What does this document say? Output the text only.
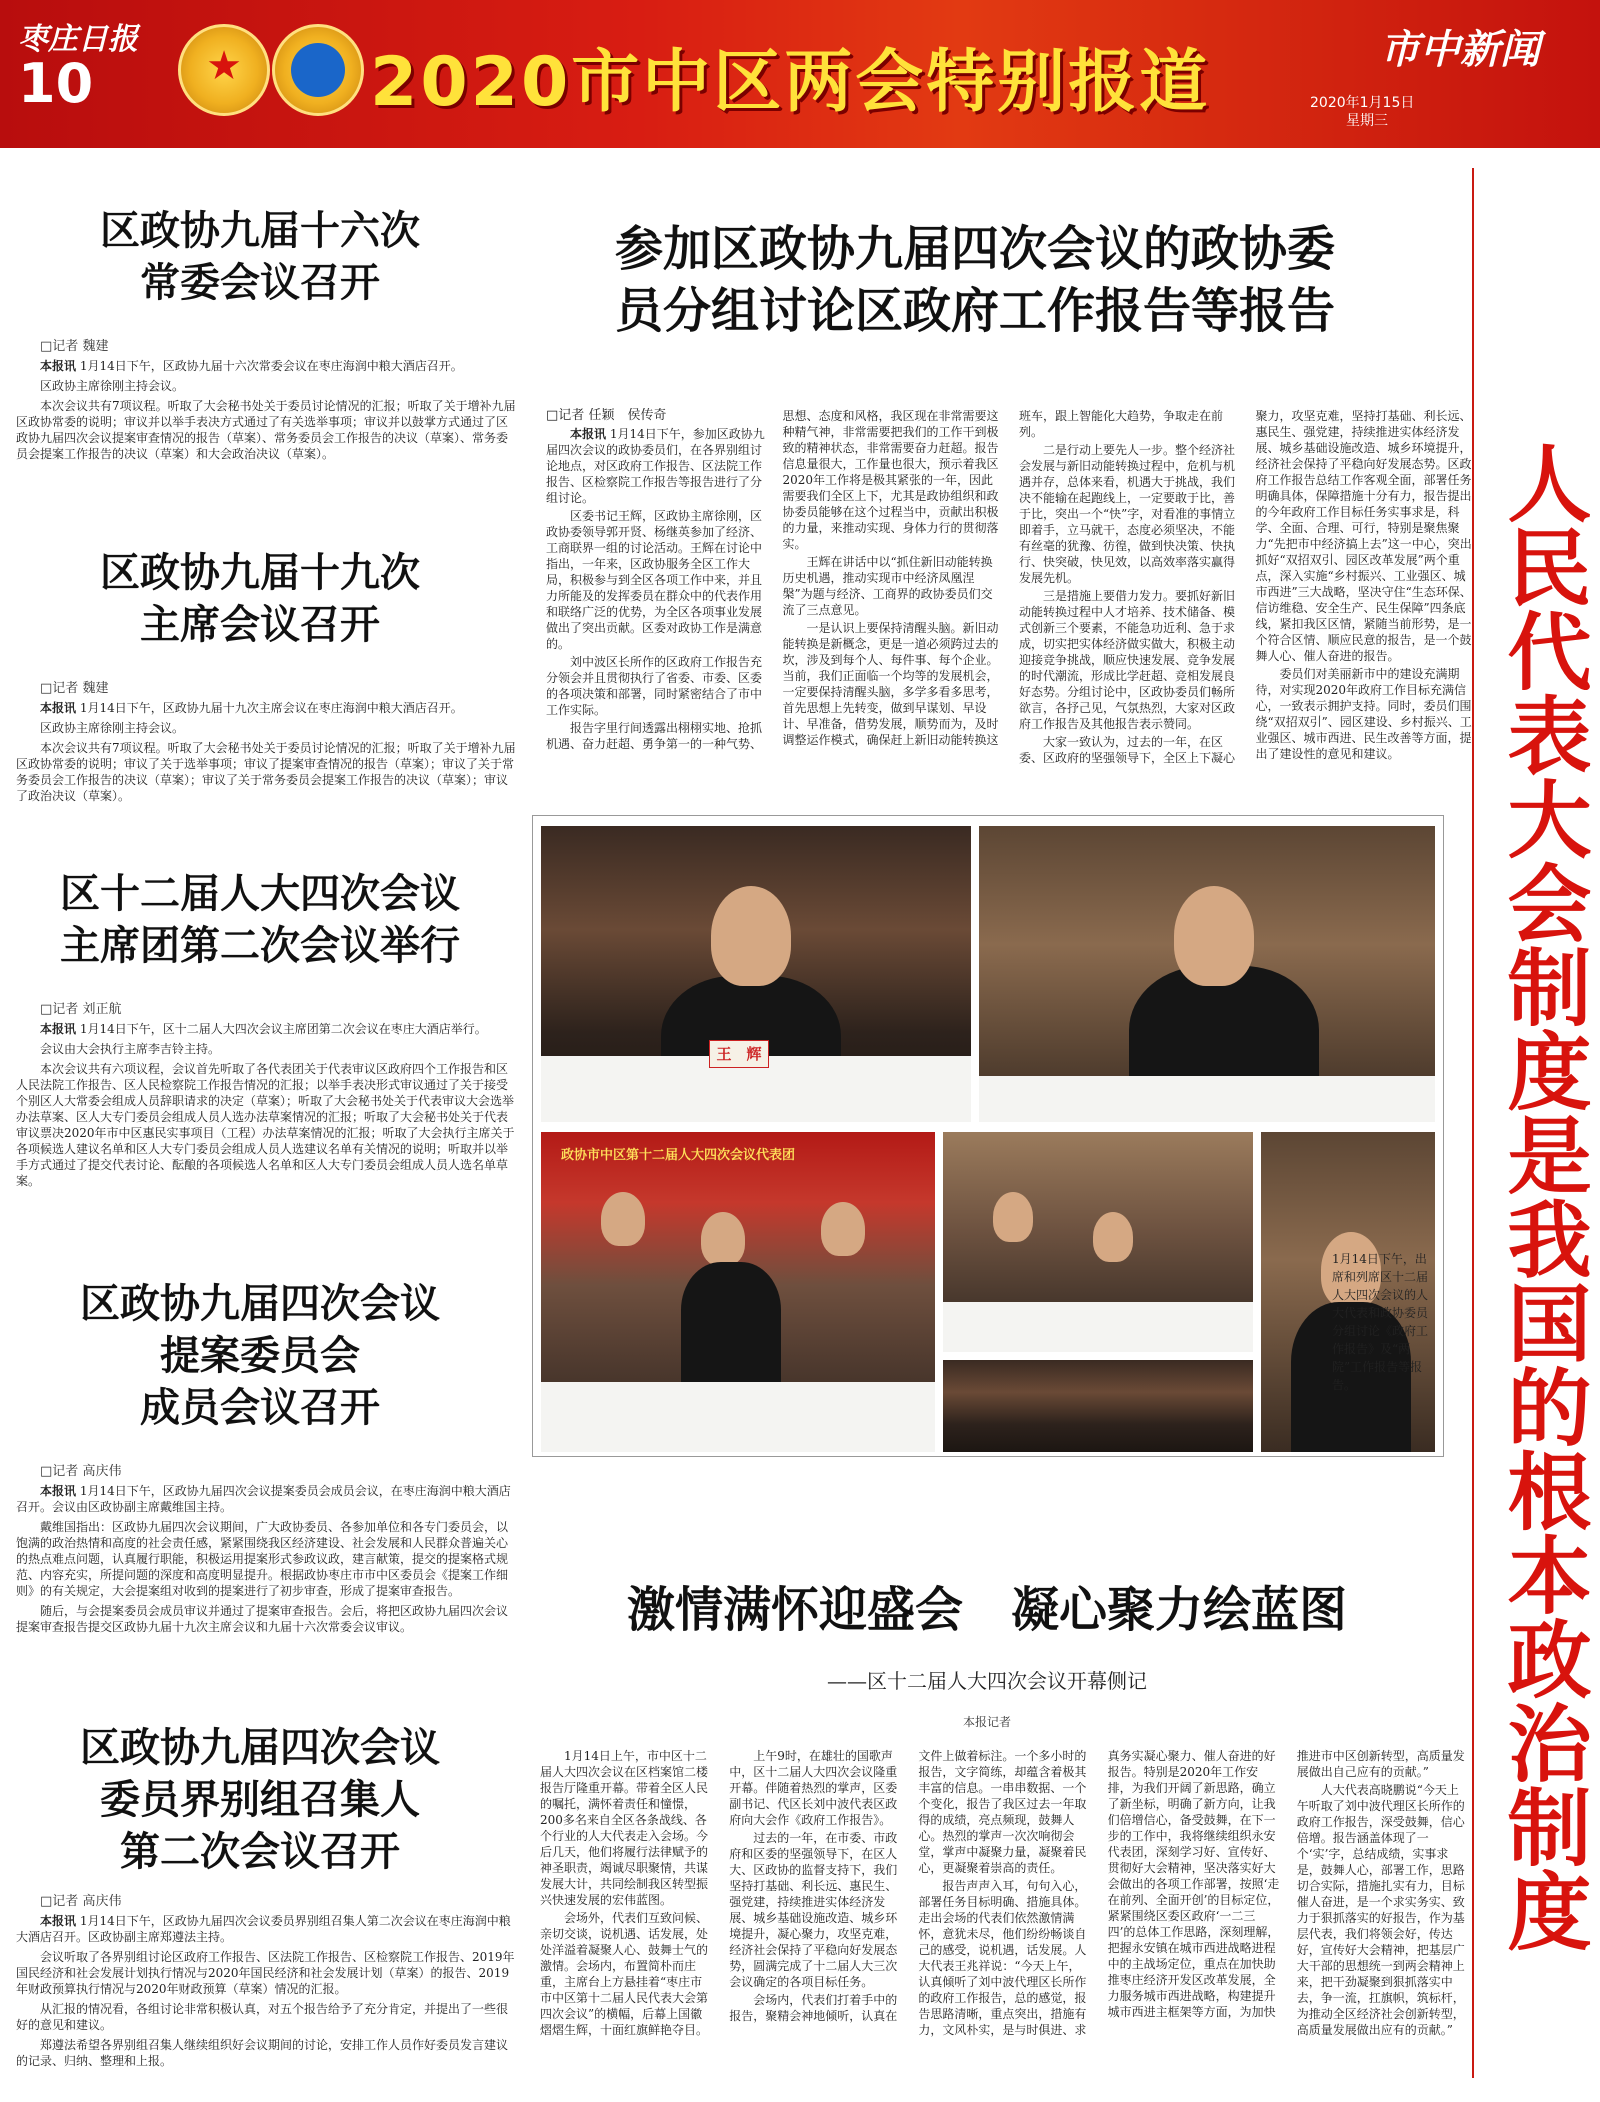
枣庄日报
10	★	2020市中区两会特别报道	市中新闻
2020年1月15日
星期三
区政协九届十六次
常委会议召开
□记者 魏建

本报讯 1月14日下午，区政协九届十六次常委会议在枣庄海润中粮大酒店召开。

区政协主席徐刚主持会议。

本次会议共有7项议程。听取了大会秘书处关于委员讨论情况的汇报；听取了关于增补九届区政协常委的说明；审议并以举手表决方式通过了有关选举事项；审议并以鼓掌方式通过了区政协九届四次会议提案审查情况的报告（草案）、常务委员会工作报告的决议（草案）、常务委员会提案工作报告的决议（草案）和大会政治决议（草案）。

区政协九届十九次
主席会议召开
□记者 魏建

本报讯 1月14日下午，区政协九届十九次主席会议在枣庄海润中粮大酒店召开。

区政协主席徐刚主持会议。

本次会议共有7项议程。听取了大会秘书处关于委员讨论情况的汇报；听取了关于增补九届区政协常委的说明；审议了关于选举事项；审议了提案审查情况的报告（草案）；审议了关于常务委员会工作报告的决议（草案）；审议了关于常务委员会提案工作报告的决议（草案）；审议了政治决议（草案）。

区十二届人大四次会议
主席团第二次会议举行
□记者 刘正航

本报讯 1月14日下午，区十二届人大四次会议主席团第二次会议在枣庄大酒店举行。

会议由大会执行主席李吉铃主持。

本次会议共有六项议程，会议首先听取了各代表团关于代表审议区政府四个工作报告和区人民法院工作报告、区人民检察院工作报告情况的汇报；以举手表决形式审议通过了关于接受个别区人大常委会组成人员辞职请求的决定（草案）；听取了大会秘书处关于代表审议大会选举办法草案、区人大专门委员会组成人员人选办法草案情况的汇报；听取了大会秘书处关于代表审议票决2020年市中区惠民实事项目（工程）办法草案情况的汇报；听取了大会执行主席关于各项候选人建议名单和区人大专门委员会组成人员人选建议名单有关情况的说明；听取并以举手方式通过了提交代表讨论、酝酿的各项候选人名单和区人大专门委员会组成人员人选名单草案。

区政协九届四次会议
提案委员会
成员会议召开
□记者 高庆伟

本报讯 1月14日下午，区政协九届四次会议提案委员会成员会议，在枣庄海润中粮大酒店召开。会议由区政协副主席戴维国主持。

戴维国指出：区政协九届四次会议期间，广大政协委员、各参加单位和各专门委员会，以饱满的政治热情和高度的社会责任感，紧紧围绕我区经济建设、社会发展和人民群众普遍关心的热点难点问题，认真履行职能，积极运用提案形式参政议政，建言献策，提交的提案格式规范、内容充实，所提问题的深度和高度明显提升。根据政协枣庄市市中区委员会《提案工作细则》的有关规定，大会提案组对收到的提案进行了初步审查，形成了提案审查报告。

随后，与会提案委员会成员审议并通过了提案审查报告。会后，将把区政协九届四次会议提案审查报告提交区政协九届十九次主席会议和九届十六次常委会议审议。

区政协九届四次会议
委员界别组召集人
第二次会议召开
□记者 高庆伟

本报讯 1月14日下午，区政协九届四次会议委员界别组召集人第二次会议在枣庄海润中粮大酒店召开。区政协副主席郑遵法主持。

会议听取了各界别组讨论区政府工作报告、区法院工作报告、区检察院工作报告、2019年国民经济和社会发展计划执行情况与2020年国民经济和社会发展计划（草案）的报告、2019年财政预算执行情况与2020年财政预算（草案）情况的汇报。

从汇报的情况看，各组讨论非常积极认真，对五个报告给予了充分肯定，并提出了一些很好的意见和建议。

郑遵法希望各界别组召集人继续组织好会议期间的讨论，安排工作人员作好委员发言建议的记录、归纳、整理和上报。

参加区政协九届四次会议的政协委
员分组讨论区政府工作报告等报告

□记者 任颖　侯传奇

本报讯 1月14日下午，参加区政协九届四次会议的政协委员们，在各界别组讨论地点，对区政府工作报告、区法院工作报告、区检察院工作报告等报告进行了分组讨论。

区委书记王辉，区政协主席徐刚，区政协委领导郭开贤、杨继英参加了经济、工商联界一组的讨论活动。王辉在讨论中指出，一年来，区政协服务全区工作大局，积极参与到全区各项工作中来，并且力所能及的发挥委员在群众中的代表作用和联络广泛的优势，为全区各项事业发展做出了突出贡献。区委对政协工作是满意的。

刘中波区长所作的区政府工作报告充分领会并且贯彻执行了省委、市委、区委的各项决策和部署，同时紧密结合了市中工作实际。

报告字里行间透露出栩栩实地、抢抓机遇、奋力赶超、勇争第一的一种气势、思想、态度和风格，我区现在非常需要这种精气神，非常需要把我们的工作干到极致的精神状态，非常需要奋力赶超。报告信息量很大，工作量也很大，预示着我区2020年工作将是极其紧张的一年，因此需要我们全区上下，尤其是政协组织和政协委员能够在这个过程当中，贡献出积极的力量，来推动实现、身体力行的贯彻落实。

王辉在讲话中以“抓住新旧动能转换历史机遇，推动实现市中经济凤凰涅槃”为题与经济、工商界的政协委员们交流了三点意见。

一是认识上要保持清醒头脑。新旧动能转换是新概念，更是一道必须跨过去的坎，涉及到每个人、每件事、每个企业。当前，我们正面临一个均等的发展机会，一定要保持清醒头脑，多学多看多思考，首先思想上先转变，做到早谋划、早设计、早准备，借势发展，顺势而为，及时调整运作模式，确保赶上新旧动能转换这班车，跟上智能化大趋势，争取走在前列。

二是行动上要先人一步。整个经济社会发展与新旧动能转换过程中，危机与机遇并存，总体来看，机遇大于挑战，我们决不能输在起跑线上，一定要敢于比，善于比，突出一个“快”字，对看准的事情立即着手，立马就干，态度必须坚决，不能有丝毫的犹豫、彷徨，做到快决策、快执行、快突破，快见效，以高效率落实赢得发展先机。

三是措施上要借力发力。要抓好新旧动能转换过程中人才培养、技术储备、模式创新三个要素，不能急功近利、急于求成，切实把实体经济做实做大，积极主动迎接竞争挑战，顺应快速发展、竞争发展的时代潮流，形成比学赶超、竞相发展良好态势。分组讨论中，区政协委员们畅所欲言，各抒己见，气氛热烈，大家对区政府工作报告及其他报告表示赞同。

大家一致认为，过去的一年，在区委、区政府的坚强领导下，全区上下凝心聚力，攻坚克难，坚持打基础、利长远、惠民生、强党建，持续推进实体经济发展、城乡基础设施改造、城乡环境提升，经济社会保持了平稳向好发展态势。区政府工作报告总结工作客观全面，部署任务明确具体，保障措施十分有力，报告提出的今年政府工作目标任务实事求是，科学、全面、合理、可行，特别是聚焦聚力“先把市中经济搞上去”这一中心，突出抓好“双招双引、园区改革发展”两个重点，深入实施“乡村振兴、工业强区、城市西进”三大战略，坚决守住“生态环保、信访维稳、安全生产、民生保障”四条底线，紧扣我区区情，紧随当前形势，是一个符合区情、顺应民意的报告，是一个鼓舞人心、催人奋进的报告。

委员们对美丽新市中的建设充满期待，对实现2020年政府工作目标充满信心，一致表示拥护支持。同时，委员们围绕“双招双引”、园区建设、乡村振兴、工业强区、城市西进、民生改善等方面，提出了建设性的意见和建议。

王　辉
政协市中区第十二届人大四次会议代表团
1月14日下午，出席和列席区十二届人大四次会议的人大代表和政协委员分组讨论《政府工作报告》及“两院”工作报告等报告。
激情满怀迎盛会　凝心聚力绘蓝图
——区十二届人大四次会议开幕侧记
本报记者

1月14日上午，市中区十二届人大四次会议在区档案馆二楼报告厅隆重开幕。带着全区人民的嘱托，满怀着责任和憧憬，200多名来自全区各条战线、各个行业的人大代表走入会场。今后几天，他们将履行法律赋予的神圣职责，竭诚尽职聚情，共谋发展大计，共同绘制我区转型振兴快速发展的宏伟蓝图。

会场外，代表们互致问候、亲切交谈，说机遇、话发展，处处洋溢着凝聚人心、鼓舞士气的激情。会场内，布置简朴而庄重，主席台上方悬挂着“枣庄市市中区第十二届人民代表大会第四次会议”的横幅，后幕上国徽熠熠生辉，十面红旗鲜艳夺目。

上午9时，在雄壮的国歌声中，区十二届人大四次会议隆重开幕。伴随着热烈的掌声，区委副书记、代区长刘中波代表区政府向大会作《政府工作报告》。

过去的一年，在市委、市政府和区委的坚强领导下，在区人大、区政协的监督支持下，我们坚持打基础、利长远、惠民生、强党建，持续推进实体经济发展、城乡基础设施改造、城乡环境提升，凝心聚力，攻坚克难，经济社会保持了平稳向好发展态势，圆满完成了十二届人大三次会议确定的各项目标任务。

会场内，代表们打着手中的报告，聚精会神地倾听，认真在文件上做着标注。一个多小时的报告，文字简练，却蕴含着极其丰富的信息。一串串数据、一个个变化，报告了我区过去一年取得的成绩，亮点频现，鼓舞人心。热烈的掌声一次次响彻会堂，掌声中凝聚力量，凝聚着民心，更凝聚着崇高的责任。

报告声声入耳，句句入心，部署任务目标明确、措施具体。走出会场的代表们依然激情满怀，意犹未尽，他们纷纷畅谈自己的感受，说机遇，话发展。人大代表王兆祥说：“今天上午，认真倾听了刘中波代理区长所作的政府工作报告，总的感觉，报告思路清晰，重点突出，措施有力，文风朴实，是与时俱进、求真务实凝心聚力、催人奋进的好报告。特别是2020年工作安排，为我们开阔了新思路，确立了新坐标，明确了新方向，让我们倍增信心，备受鼓舞，在下一步的工作中，我将继续组织永安代表团，深刻学习好、宣传好、贯彻好大会精神，坚决落实好大会做出的各项工作部署，按照‘走在前列、全面开创’的目标定位，紧紧围绕区委区政府‘一二三四’的总体工作思路，深刻理解，把握永安镇在城市西进战略进程中的主战场定位，重点在加快助推枣庄经济开发区改革发展，全力服务城市西进战略，构建提升城市西进主框架等方面，为加快推进市中区创新转型，高质量发展做出自己应有的贡献。”

人大代表高晓鹏说“今天上午听取了刘中波代理区长所作的政府工作报告，深受鼓舞，信心倍增。报告涵盖体现了一个‘实’字，总结成绩，实事求是，鼓舞人心，部署工作，思路切合实际，措施扎实有力，目标催人奋进，是一个求实务实、致力于狠抓落实的好报告，作为基层代表，我们将领会好，传达好，宣传好大会精神，把基层广大干部的思想统一到两会精神上来，把干劲凝聚到狠抓落实中去，争一流，扛旗帜，筑标杆，为推动全区经济社会创新转型，高质量发展做出应有的贡献。”

人民代表大会制度是我国的根本政治制度
